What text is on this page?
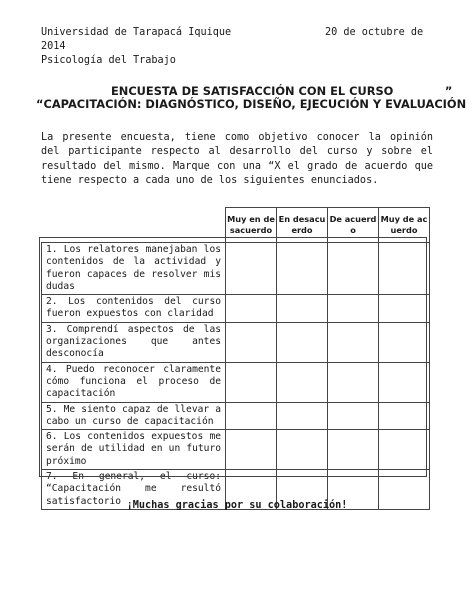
Universidad de Tarapacá Iquique
2014
Psicología del Trabajo
20 de octubre de
ENCUESTA DE SATISFACCIÓN CON EL CURSO             ”
“CAPACITACIÓN: DIAGNÓSTICO, DISEÑO, EJECUCIÓN Y EVALUACIÓN

La presente encuesta, tiene como objetivo conocer la opinión del participante respecto al desarrollo del curso y sobre el resultado del mismo. Marque con una “X el grado de acuerdo que tiene respecto a cada uno de los siguientes enunciados.

	Muy en desacuerdo	En desacuerdo	De acuerdo	Muy de acuerdo
1. Los relatores manejaban los contenidos de la actividad y fueron capaces de resolver mis dudas				
2. Los contenidos del curso fueron expuestos con claridad				
3. Comprendí aspectos de las organizaciones que antes desconocía				
4. Puedo reconocer claramente cómo funciona el proceso de capacitación				
5. Me siento capaz de llevar a cabo un curso de capacitación				
6. Los contenidos expuestos me serán de utilidad en un futuro próximo				
7. En general, el curso: “Capacitación me resultó satisfactorio				¡Muchas gracias por su colaboración!
